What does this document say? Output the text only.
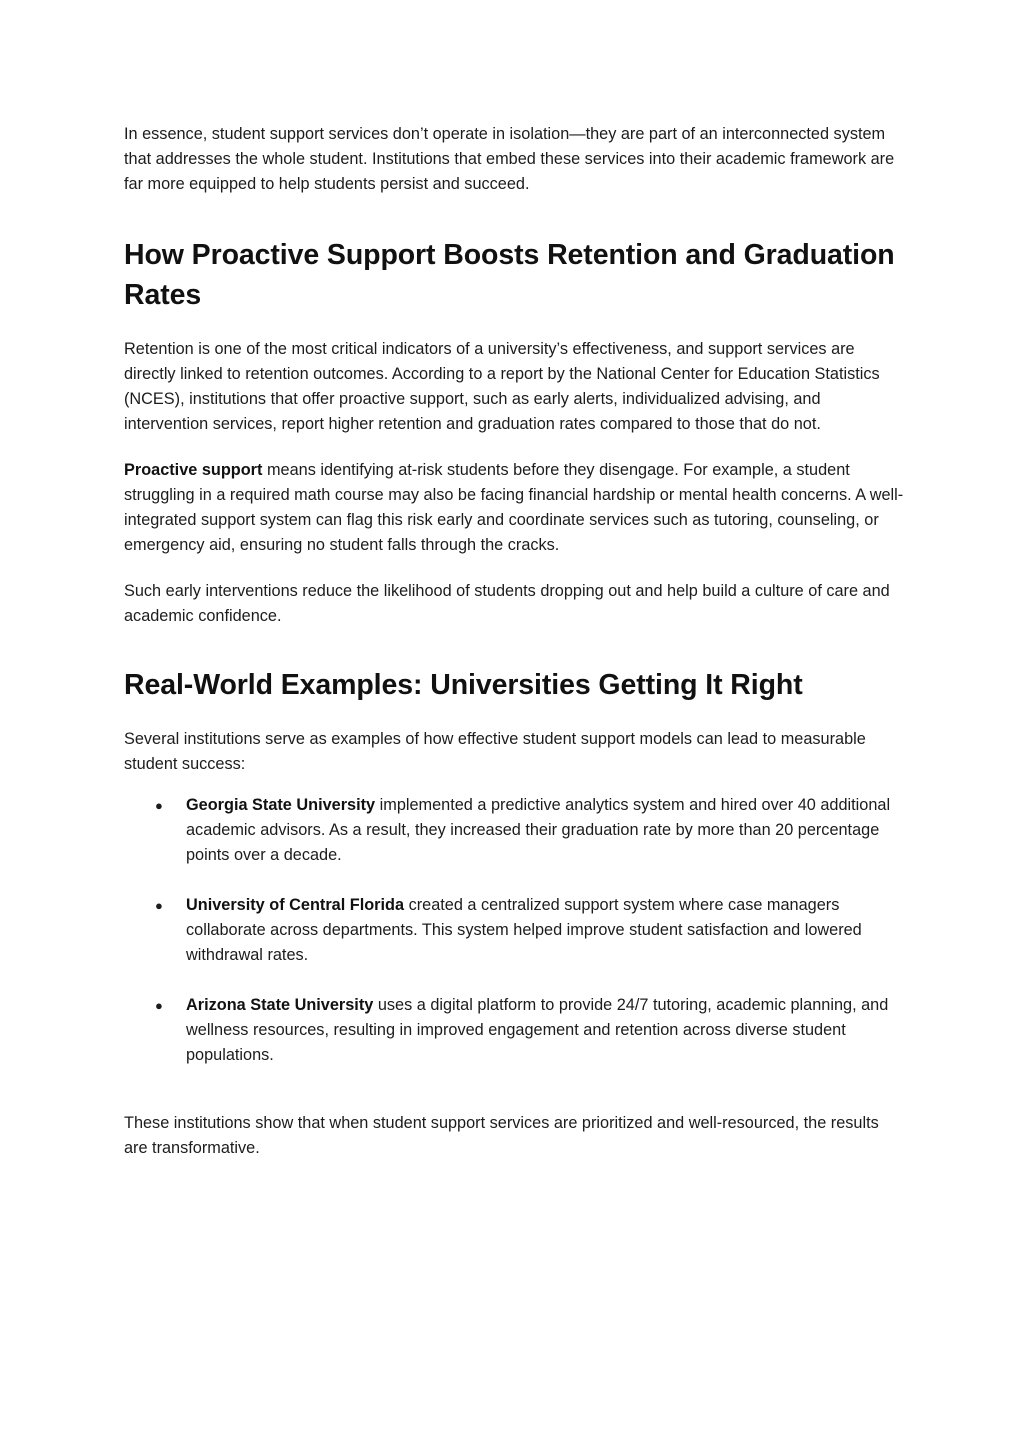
In essence, student support services don’t operate in isolation—they are part of an interconnected system that addresses the whole student. Institutions that embed these services into their academic framework are far more equipped to help students persist and succeed.

How Proactive Support Boosts Retention and Graduation Rates

Retention is one of the most critical indicators of a university’s effectiveness, and support services are directly linked to retention outcomes. According to a report by the National Center for Education Statistics (NCES), institutions that offer proactive support, such as early alerts, individualized advising, and intervention services, report higher retention and graduation rates compared to those that do not.

Proactive support means identifying at-risk students before they disengage. For example, a student struggling in a required math course may also be facing financial hardship or mental health concerns. A well-integrated support system can flag this risk early and coordinate services such as tutoring, counseling, or emergency aid, ensuring no student falls through the cracks.

Such early interventions reduce the likelihood of students dropping out and help build a culture of care and academic confidence.

Real-World Examples: Universities Getting It Right

Several institutions serve as examples of how effective student support models can lead to measurable student success:

● Georgia State University implemented a predictive analytics system and hired over 40 additional academic advisors. As a result, they increased their graduation rate by more than 20 percentage points over a decade.
● University of Central Florida created a centralized support system where case managers collaborate across departments. This system helped improve student satisfaction and lowered withdrawal rates.
● Arizona State University uses a digital platform to provide 24/7 tutoring, academic planning, and wellness resources, resulting in improved engagement and retention across diverse student populations.

These institutions show that when student support services are prioritized and well-resourced, the results are transformative.
